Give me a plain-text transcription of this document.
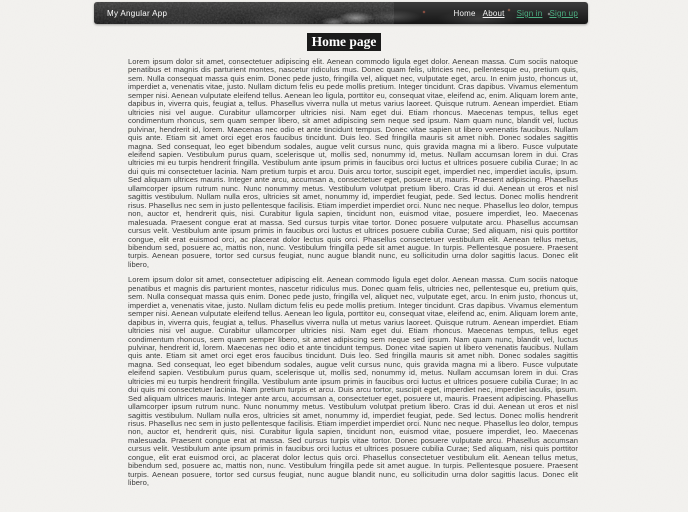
My Angular App	Home About Sign in Sign up
Home page

Lorem ipsum dolor sit amet, consectetuer adipiscing elit. Aenean commodo ligula eget dolor. Aenean massa. Cum sociis natoque penatibus et magnis dis parturient montes, nascetur ridiculus mus. Donec quam felis, ultricies nec, pellentesque eu, pretium quis, sem. Nulla consequat massa quis enim. Donec pede justo, fringilla vel, aliquet nec, vulputate eget, arcu. In enim justo, rhoncus ut, imperdiet a, venenatis vitae, justo. Nullam dictum felis eu pede mollis pretium. Integer tincidunt. Cras dapibus. Vivamus elementum semper nisi. Aenean vulputate eleifend tellus. Aenean leo ligula, porttitor eu, consequat vitae, eleifend ac, enim. Aliquam lorem ante, dapibus in, viverra quis, feugiat a, tellus. Phasellus viverra nulla ut metus varius laoreet. Quisque rutrum. Aenean imperdiet. Etiam ultricies nisi vel augue. Curabitur ullamcorper ultricies nisi. Nam eget dui. Etiam rhoncus. Maecenas tempus, tellus eget condimentum rhoncus, sem quam semper libero, sit amet adipiscing sem neque sed ipsum. Nam quam nunc, blandit vel, luctus pulvinar, hendrerit id, lorem. Maecenas nec odio et ante tincidunt tempus. Donec vitae sapien ut libero venenatis faucibus. Nullam quis ante. Etiam sit amet orci eget eros faucibus tincidunt. Duis leo. Sed fringilla mauris sit amet nibh. Donec sodales sagittis magna. Sed consequat, leo eget bibendum sodales, augue velit cursus nunc, quis gravida magna mi a libero. Fusce vulputate eleifend sapien. Vestibulum purus quam, scelerisque ut, mollis sed, nonummy id, metus. Nullam accumsan lorem in dui. Cras ultricies mi eu turpis hendrerit fringilla. Vestibulum ante ipsum primis in faucibus orci luctus et ultrices posuere cubilia Curae; In ac dui quis mi consectetuer lacinia. Nam pretium turpis et arcu. Duis arcu tortor, suscipit eget, imperdiet nec, imperdiet iaculis, ipsum. Sed aliquam ultrices mauris. Integer ante arcu, accumsan a, consectetuer eget, posuere ut, mauris. Praesent adipiscing. Phasellus ullamcorper ipsum rutrum nunc. Nunc nonummy metus. Vestibulum volutpat pretium libero. Cras id dui. Aenean ut eros et nisl sagittis vestibulum. Nullam nulla eros, ultricies sit amet, nonummy id, imperdiet feugiat, pede. Sed lectus. Donec mollis hendrerit risus. Phasellus nec sem in justo pellentesque facilisis. Etiam imperdiet imperdiet orci. Nunc nec neque. Phasellus leo dolor, tempus non, auctor et, hendrerit quis, nisi. Curabitur ligula sapien, tincidunt non, euismod vitae, posuere imperdiet, leo. Maecenas malesuada. Praesent congue erat at massa. Sed cursus turpis vitae tortor. Donec posuere vulputate arcu. Phasellus accumsan cursus velit. Vestibulum ante ipsum primis in faucibus orci luctus et ultrices posuere cubilia Curae; Sed aliquam, nisi quis porttitor congue, elit erat euismod orci, ac placerat dolor lectus quis orci. Phasellus consectetuer vestibulum elit. Aenean tellus metus, bibendum sed, posuere ac, mattis non, nunc. Vestibulum fringilla pede sit amet augue. In turpis. Pellentesque posuere. Praesent turpis. Aenean posuere, tortor sed cursus feugiat, nunc augue blandit nunc, eu sollicitudin urna dolor sagittis lacus. Donec elit libero,

Lorem ipsum dolor sit amet, consectetuer adipiscing elit. Aenean commodo ligula eget dolor. Aenean massa. Cum sociis natoque penatibus et magnis dis parturient montes, nascetur ridiculus mus. Donec quam felis, ultricies nec, pellentesque eu, pretium quis, sem. Nulla consequat massa quis enim. Donec pede justo, fringilla vel, aliquet nec, vulputate eget, arcu. In enim justo, rhoncus ut, imperdiet a, venenatis vitae, justo. Nullam dictum felis eu pede mollis pretium. Integer tincidunt. Cras dapibus. Vivamus elementum semper nisi. Aenean vulputate eleifend tellus. Aenean leo ligula, porttitor eu, consequat vitae, eleifend ac, enim. Aliquam lorem ante, dapibus in, viverra quis, feugiat a, tellus. Phasellus viverra nulla ut metus varius laoreet. Quisque rutrum. Aenean imperdiet. Etiam ultricies nisi vel augue. Curabitur ullamcorper ultricies nisi. Nam eget dui. Etiam rhoncus. Maecenas tempus, tellus eget condimentum rhoncus, sem quam semper libero, sit amet adipiscing sem neque sed ipsum. Nam quam nunc, blandit vel, luctus pulvinar, hendrerit id, lorem. Maecenas nec odio et ante tincidunt tempus. Donec vitae sapien ut libero venenatis faucibus. Nullam quis ante. Etiam sit amet orci eget eros faucibus tincidunt. Duis leo. Sed fringilla mauris sit amet nibh. Donec sodales sagittis magna. Sed consequat, leo eget bibendum sodales, augue velit cursus nunc, quis gravida magna mi a libero. Fusce vulputate eleifend sapien. Vestibulum purus quam, scelerisque ut, mollis sed, nonummy id, metus. Nullam accumsan lorem in dui. Cras ultricies mi eu turpis hendrerit fringilla. Vestibulum ante ipsum primis in faucibus orci luctus et ultrices posuere cubilia Curae; In ac dui quis mi consectetuer lacinia. Nam pretium turpis et arcu. Duis arcu tortor, suscipit eget, imperdiet nec, imperdiet iaculis, ipsum. Sed aliquam ultrices mauris. Integer ante arcu, accumsan a, consectetuer eget, posuere ut, mauris. Praesent adipiscing. Phasellus ullamcorper ipsum rutrum nunc. Nunc nonummy metus. Vestibulum volutpat pretium libero. Cras id dui. Aenean ut eros et nisl sagittis vestibulum. Nullam nulla eros, ultricies sit amet, nonummy id, imperdiet feugiat, pede. Sed lectus. Donec mollis hendrerit risus. Phasellus nec sem in justo pellentesque facilisis. Etiam imperdiet imperdiet orci. Nunc nec neque. Phasellus leo dolor, tempus non, auctor et, hendrerit quis, nisi. Curabitur ligula sapien, tincidunt non, euismod vitae, posuere imperdiet, leo. Maecenas malesuada. Praesent congue erat at massa. Sed cursus turpis vitae tortor. Donec posuere vulputate arcu. Phasellus accumsan cursus velit. Vestibulum ante ipsum primis in faucibus orci luctus et ultrices posuere cubilia Curae; Sed aliquam, nisi quis porttitor congue, elit erat euismod orci, ac placerat dolor lectus quis orci. Phasellus consectetuer vestibulum elit. Aenean tellus metus, bibendum sed, posuere ac, mattis non, nunc. Vestibulum fringilla pede sit amet augue. In turpis. Pellentesque posuere. Praesent turpis. Aenean posuere, tortor sed cursus feugiat, nunc augue blandit nunc, eu sollicitudin urna dolor sagittis lacus. Donec elit libero,
